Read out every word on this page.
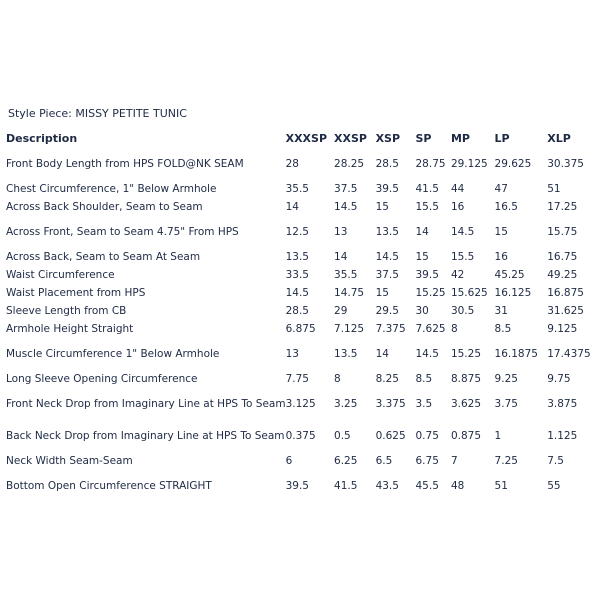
Style Piece: MISSY PETITE TUNIC
Description	XXXSP	XXSP	XSP	SP	MP	LP	XLP
Front Body Length from HPS FOLD@NK SEAM	28	28.25	28.5	28.75	29.125	29.625	30.375
Chest Circumference, 1" Below Armhole	35.5	37.5	39.5	41.5	44	47	51
Across Back Shoulder, Seam to Seam	14	14.5	15	15.5	16	16.5	17.25
Across Front, Seam to Seam 4.75" From HPS	12.5	13	13.5	14	14.5	15	15.75
Across Back, Seam to Seam At Seam	13.5	14	14.5	15	15.5	16	16.75
Waist Circumference	33.5	35.5	37.5	39.5	42	45.25	49.25
Waist Placement from HPS	14.5	14.75	15	15.25	15.625	16.125	16.875
Sleeve Length from CB	28.5	29	29.5	30	30.5	31	31.625
Armhole Height Straight	6.875	7.125	7.375	7.625	8	8.5	9.125
Muscle Circumference 1" Below Armhole	13	13.5	14	14.5	15.25	16.1875	17.4375
Long Sleeve Opening Circumference	7.75	8	8.25	8.5	8.875	9.25	9.75
Front Neck Drop from Imaginary Line at HPS To Seam	3.125	3.25	3.375	3.5	3.625	3.75	3.875
Back Neck Drop from Imaginary Line at HPS To Seam	0.375	0.5	0.625	0.75	0.875	1	1.125
Neck Width Seam-Seam	6	6.25	6.5	6.75	7	7.25	7.5
Bottom Open Circumference STRAIGHT	39.5	41.5	43.5	45.5	48	51	55
